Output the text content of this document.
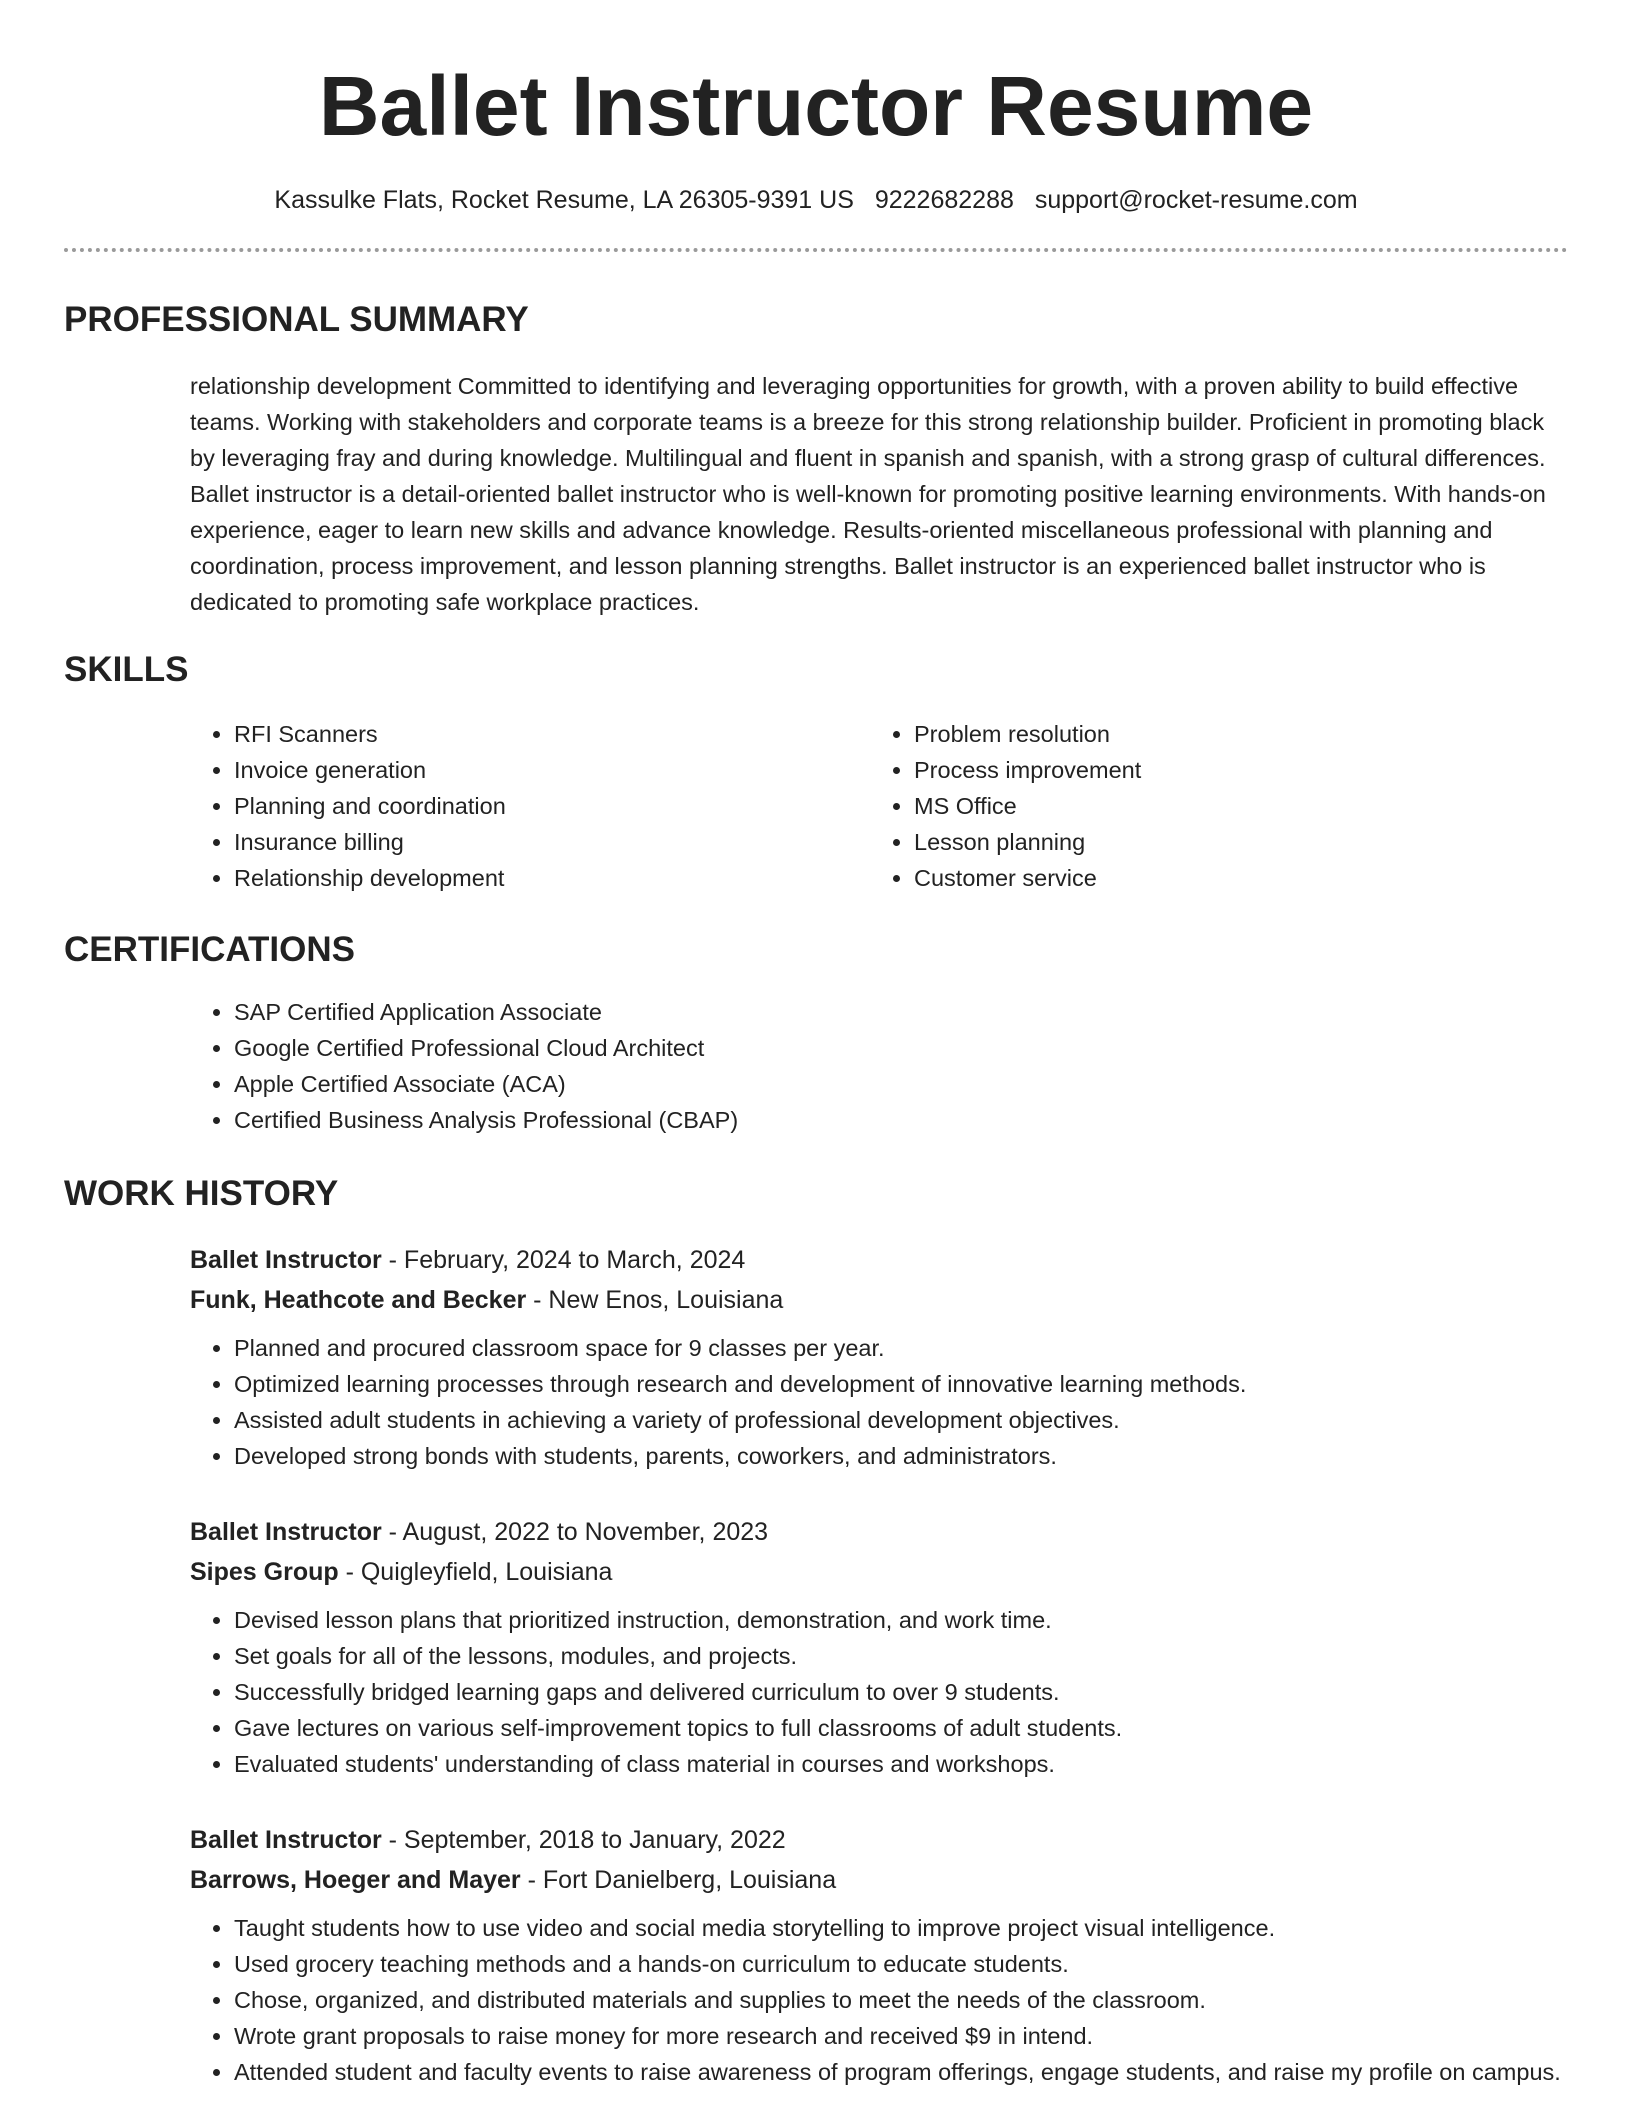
Ballet Instructor Resume
Kassulke Flats, Rocket Resume, LA 26305-9391 US 9222682288 support@rocket-resume.com
PROFESSIONAL SUMMARY

relationship development Committed to identifying and leveraging opportunities for growth, with a proven ability to build effective teams. Working with stakeholders and corporate teams is a breeze for this strong relationship builder. Proficient in promoting black by leveraging fray and during knowledge. Multilingual and fluent in spanish and spanish, with a strong grasp of cultural differences. Ballet instructor is a detail-oriented ballet instructor who is well-known for promoting positive learning environments. With hands-on experience, eager to learn new skills and advance knowledge. Results-oriented miscellaneous professional with planning and coordination, process improvement, and lesson planning strengths. Ballet instructor is an experienced ballet instructor who is dedicated to promoting safe workplace practices.

SKILLS
• RFI Scanners
• Invoice generation
• Planning and coordination
• Insurance billing
• Relationship development
• Problem resolution
• Process improvement
• MS Office
• Lesson planning
• Customer service
CERTIFICATIONS
• SAP Certified Application Associate
• Google Certified Professional Cloud Architect
• Apple Certified Associate (ACA)
• Certified Business Analysis Professional (CBAP)
WORK HISTORY
Ballet Instructor - February, 2024 to March, 2024
Funk, Heathcote and Becker - New Enos, Louisiana
• Planned and procured classroom space for 9 classes per year.
• Optimized learning processes through research and development of innovative learning methods.
• Assisted adult students in achieving a variety of professional development objectives.
• Developed strong bonds with students, parents, coworkers, and administrators.
Ballet Instructor - August, 2022 to November, 2023
Sipes Group - Quigleyfield, Louisiana
• Devised lesson plans that prioritized instruction, demonstration, and work time.
• Set goals for all of the lessons, modules, and projects.
• Successfully bridged learning gaps and delivered curriculum to over 9 students.
• Gave lectures on various self-improvement topics to full classrooms of adult students.
• Evaluated students' understanding of class material in courses and workshops.
Ballet Instructor - September, 2018 to January, 2022
Barrows, Hoeger and Mayer - Fort Danielberg, Louisiana
• Taught students how to use video and social media storytelling to improve project visual intelligence.
• Used grocery teaching methods and a hands-on curriculum to educate students.
• Chose, organized, and distributed materials and supplies to meet the needs of the classroom.
• Wrote grant proposals to raise money for more research and received $9 in intend.
• Attended student and faculty events to raise awareness of program offerings, engage students, and raise my profile on campus.
